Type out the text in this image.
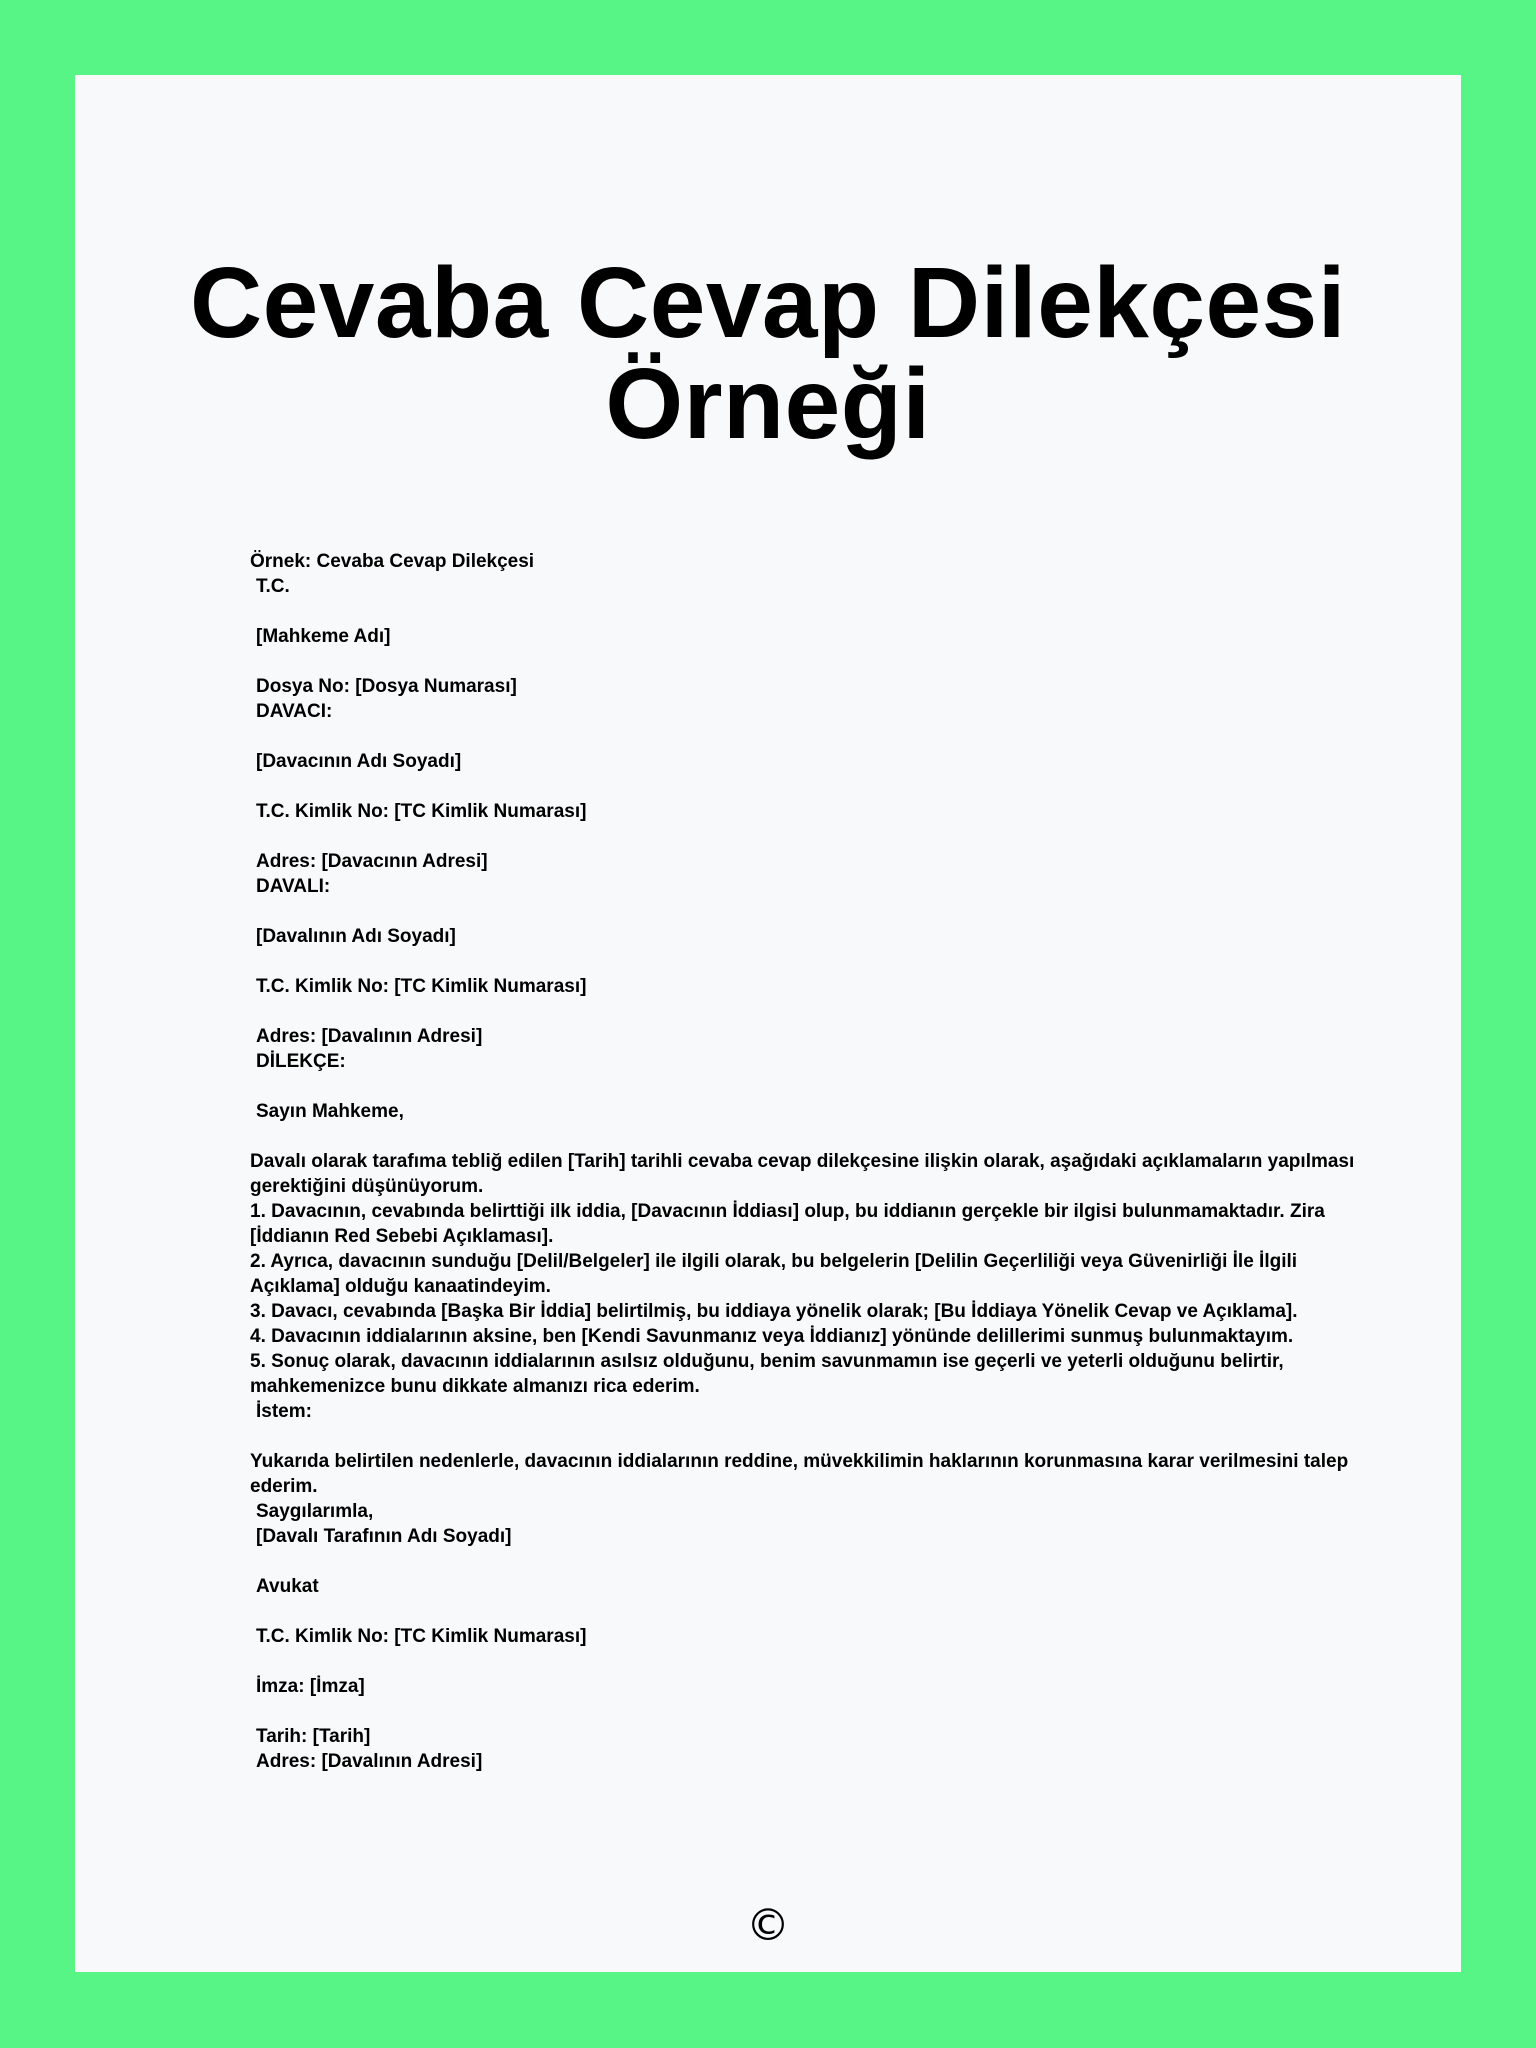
Cevaba Cevap Dilekçesi Örneği
Örnek: Cevaba Cevap Dilekçesi
T.C.
[Mahkeme Adı]
Dosya No: [Dosya Numarası]
DAVACI:
[Davacının Adı Soyadı]
T.C. Kimlik No: [TC Kimlik Numarası]
Adres: [Davacının Adresi]
DAVALI:
[Davalının Adı Soyadı]
T.C. Kimlik No: [TC Kimlik Numarası]
Adres: [Davalının Adresi]
DİLEKÇE:
Sayın Mahkeme,
Davalı olarak tarafıma tebliğ edilen [Tarih] tarihli cevaba cevap dilekçesine ilişkin olarak, aşağıdaki açıklamaların yapılması gerektiğini düşünüyorum.
1. Davacının, cevabında belirttiği ilk iddia, [Davacının İddiası] olup, bu iddianın gerçekle bir ilgisi bulunmamaktadır. Zira [İddianın Red Sebebi Açıklaması].
2. Ayrıca, davacının sunduğu [Delil/Belgeler] ile ilgili olarak, bu belgelerin [Delilin Geçerliliği veya Güvenirliği İle İlgili Açıklama] olduğu kanaatindeyim.
3. Davacı, cevabında [Başka Bir İddia] belirtilmiş, bu iddiaya yönelik olarak; [Bu İddiaya Yönelik Cevap ve Açıklama].
4. Davacının iddialarının aksine, ben [Kendi Savunmanız veya İddianız] yönünde delillerimi sunmuş bulunmaktayım.
5. Sonuç olarak, davacının iddialarının asılsız olduğunu, benim savunmamın ise geçerli ve yeterli olduğunu belirtir, mahkemenizce bunu dikkate almanızı rica ederim.
İstem:
Yukarıda belirtilen nedenlerle, davacının iddialarının reddine, müvekkilimin haklarının korunmasına karar verilmesini talep ederim.
Saygılarımla,
[Davalı Tarafının Adı Soyadı]
Avukat
T.C. Kimlik No: [TC Kimlik Numarası]
İmza: [İmza]
Tarih: [Tarih]
Adres: [Davalının Adresi]
©
